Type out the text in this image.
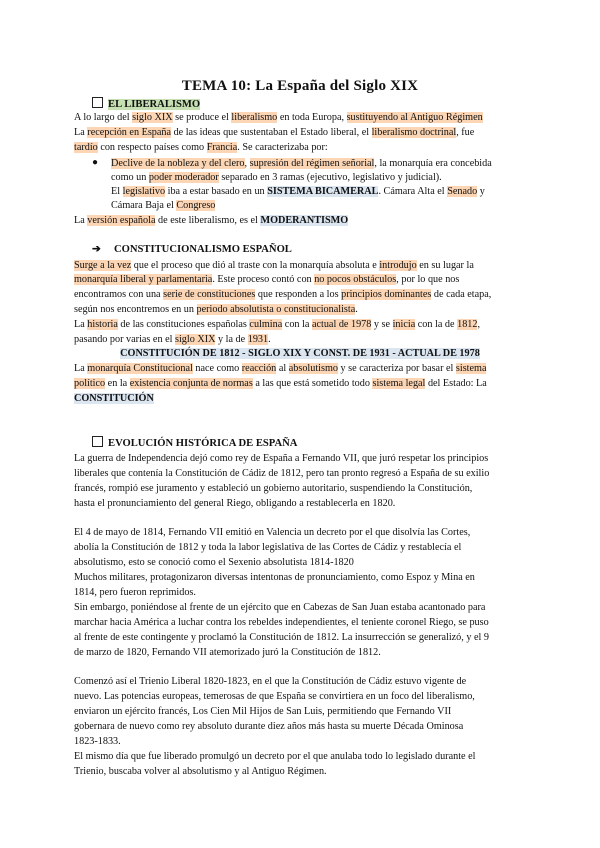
TEMA 10: La España del Siglo XIX
EL LIBERALISMO
A lo largo del siglo XIX se produce el liberalismo en toda Europa, sustituyendo al Antiguo Régimen
La recepción en España de las ideas que sustentaban el Estado liberal, el liberalismo doctrinal, fue
tardío con respecto países como Francia. Se caracterizaba por:
● Declive de la nobleza y del clero, supresión del régimen señorial, la monarquía era concebida
como un poder moderador separado en 3 ramas (ejecutivo, legislativo y judicial).
El legislativo iba a estar basado en un SISTEMA BICAMERAL. Cámara Alta el Senado y
Cámara Baja el Congreso
La versión española de este liberalismo, es el MODERANTISMO
➔ CONSTITUCIONALISMO ESPAÑOL
Surge a la vez que el proceso que dió al traste con la monarquía absoluta e introdujo en su lugar la
monarquía liberal y parlamentaria. Este proceso contó con no pocos obstáculos, por lo que nos
encontramos con una serie de constituciones que responden a los principios dominantes de cada etapa,
según nos encontremos en un periodo absolutista o constitucionalista.
La historia de las constituciones españolas culmina con la actual de 1978 y se inicia con la de 1812,
pasando por varias en el siglo XIX y la de 1931.
CONSTITUCIÓN DE 1812 - SIGLO XIX Y CONST. DE 1931 - ACTUAL DE 1978
La monarquía Constitucional nace como reacción al absolutismo y se caracteriza por basar el sistema
político en la existencia conjunta de normas a las que está sometido todo sistema legal del Estado: La
CONSTITUCIÓN
EVOLUCIÓN HISTÓRICA DE ESPAÑA
La guerra de Independencia dejó como rey de España a Fernando VII, que juró respetar los principios
liberales que contenía la Constitución de Cádiz de 1812, pero tan pronto regresó a España de su exilio
francés, rompió ese juramento y estableció un gobierno autoritario, suspendiendo la Constitución,
hasta el pronunciamiento del general Riego, obligando a restablecerla en 1820.
El 4 de mayo de 1814, Fernando VII emitió en Valencia un decreto por el que disolvía las Cortes,
abolía la Constitución de 1812 y toda la labor legislativa de las Cortes de Cádiz y restablecía el
absolutismo, esto se conoció como el Sexenio absolutista 1814-1820
Muchos militares, protagonizaron diversas intentonas de pronunciamiento, como Espoz y Mina en
1814, pero fueron reprimidos.
Sin embargo, poniéndose al frente de un ejército que en Cabezas de San Juan estaba acantonado para
marchar hacia América a luchar contra los rebeldes independientes, el teniente coronel Riego, se puso
al frente de este contingente y proclamó la Constitución de 1812. La insurrección se generalizó, y el 9
de marzo de 1820, Fernando VII atemorizado juró la Constitución de 1812.
Comenzó así el Trienio Liberal 1820-1823, en el que la Constitución de Cádiz estuvo vigente de
nuevo. Las potencias europeas, temerosas de que España se convirtiera en un foco del liberalismo,
enviaron un ejército francés, Los Cien Mil Hijos de San Luis, permitiendo que Fernando VII
gobernara de nuevo como rey absoluto durante diez años más hasta su muerte Década Ominosa
1823-1833.
El mismo día que fue liberado promulgó un decreto por el que anulaba todo lo legislado durante el
Trienio, buscaba volver al absolutismo y al Antiguo Régimen.
